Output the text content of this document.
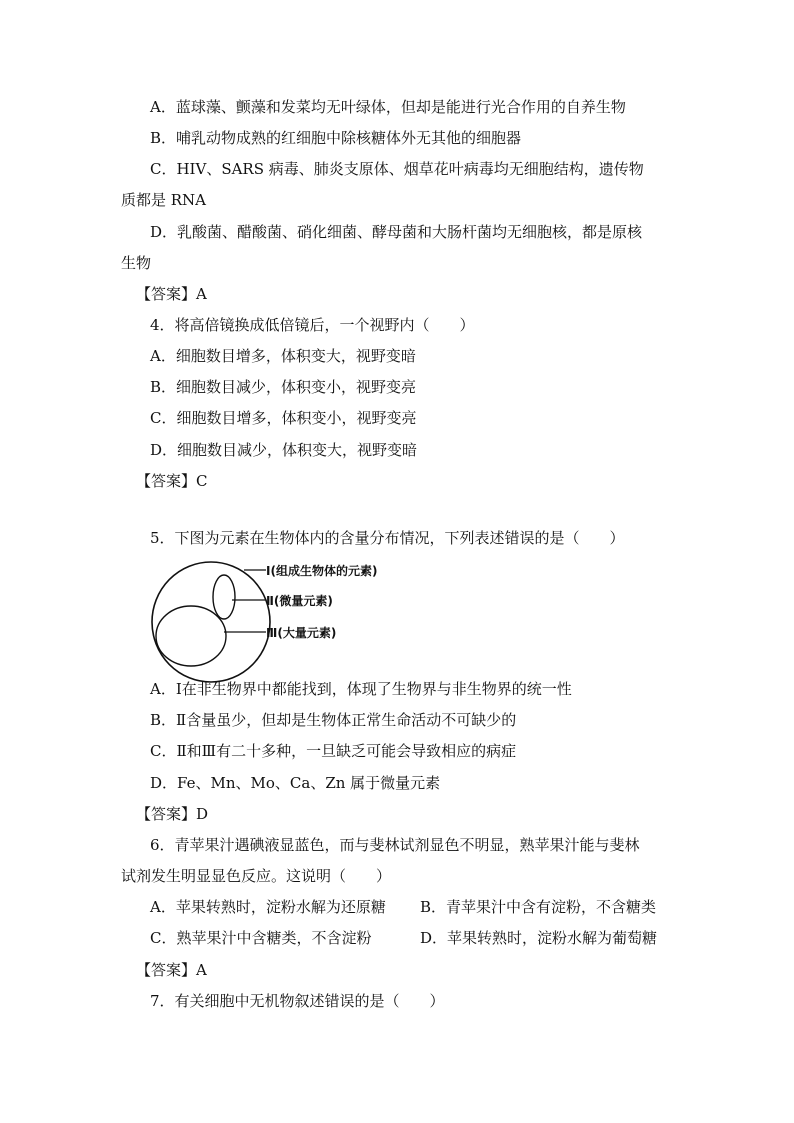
A．蓝球藻、颤藻和发菜均无叶绿体，但却是能进行光合作用的自养生物
B．哺乳动物成熟的红细胞中除核糖体外无其他的细胞器
C．HIV、SARS 病毒、肺炎支原体、烟草花叶病毒均无细胞结构，遗传物
质都是 RNA
D．乳酸菌、醋酸菌、硝化细菌、酵母菌和大肠杆菌均无细胞核，都是原核
生物
【答案】A
4．将高倍镜换成低倍镜后，一个视野内（　　）
A．细胞数目增多，体积变大，视野变暗
B．细胞数目减少，体积变小，视野变亮
C．细胞数目增多，体积变小，视野变亮
D．细胞数目减少，体积变大，视野变暗
【答案】C
5．下图为元素在生物体内的含量分布情况，下列表述错误的是（　　）
Ⅰ(组成生物体的元素)
Ⅱ(微量元素)
Ⅲ(大量元素)
A．Ⅰ在非生物界中都能找到，体现了生物界与非生物界的统一性
B．Ⅱ含量虽少，但却是生物体正常生命活动不可缺少的
C．Ⅱ和Ⅲ有二十多种，一旦缺乏可能会导致相应的病症
D．Fe、Mn、Mo、Ca、Zn 属于微量元素
【答案】D
6．青苹果汁遇碘液显蓝色，而与斐林试剂显色不明显，熟苹果汁能与斐林
试剂发生明显显色反应。这说明（　　）
A．苹果转熟时，淀粉水解为还原糖	B．青苹果汁中含有淀粉，不含糖类
C．熟苹果汁中含糖类，不含淀粉	D．苹果转熟时，淀粉水解为葡萄糖
【答案】A
7．有关细胞中无机物叙述错误的是（　　）
